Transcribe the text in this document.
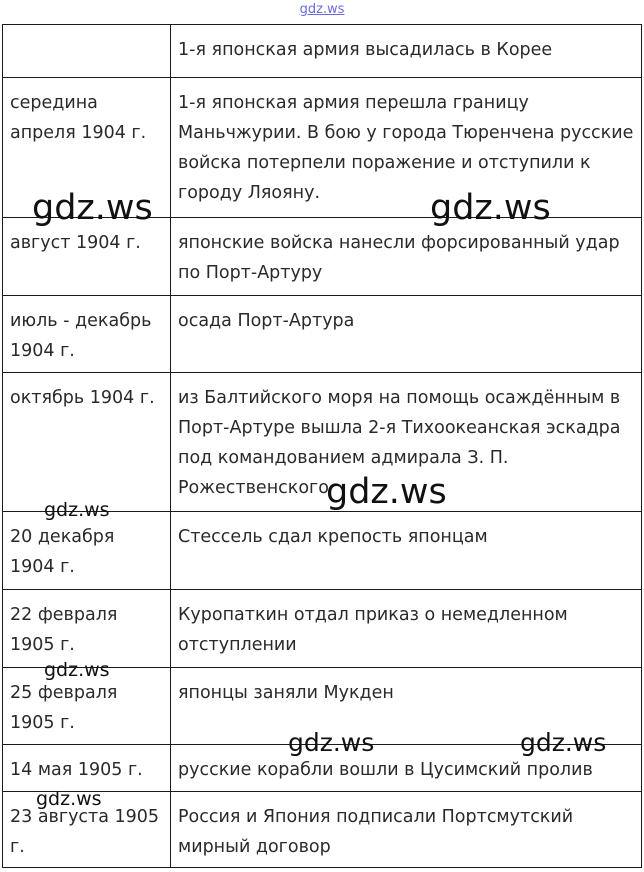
gdz.ws
	1-я японская армия высадилась в Корее
середина апреля 1904 г.	1-я японская армия перешла границу Маньчжурии. В бою у города Тюренчена русские войска потерпели поражение и отступили к городу Ляояну.
август 1904 г.	японские войска нанесли форсированный удар по Порт-Артуру
июль - декабрь 1904 г.	осада Порт-Артура
октябрь 1904 г.	из Балтийского моря на помощь осаждённым в Порт-Артуре вышла 2-я Тихоокеанская эскадра под командованием адмирала З. П. Рожественского
20 декабря 1904 г.	Стессель сдал крепость японцам
22 февраля 1905 г.	Куропаткин отдал приказ о немедленном отступлении
25 февраля 1905 г.	японцы заняли Мукден
14 мая 1905 г.	русские корабли вошли в Цусимский пролив
23 августа 1905 г.	Россия и Япония подписали Портсмутский мирный договор
gdz.ws	gdz.ws
gdz.ws
gdz.ws
gdz.ws
gdz.ws	gdz.ws
gdz.ws
